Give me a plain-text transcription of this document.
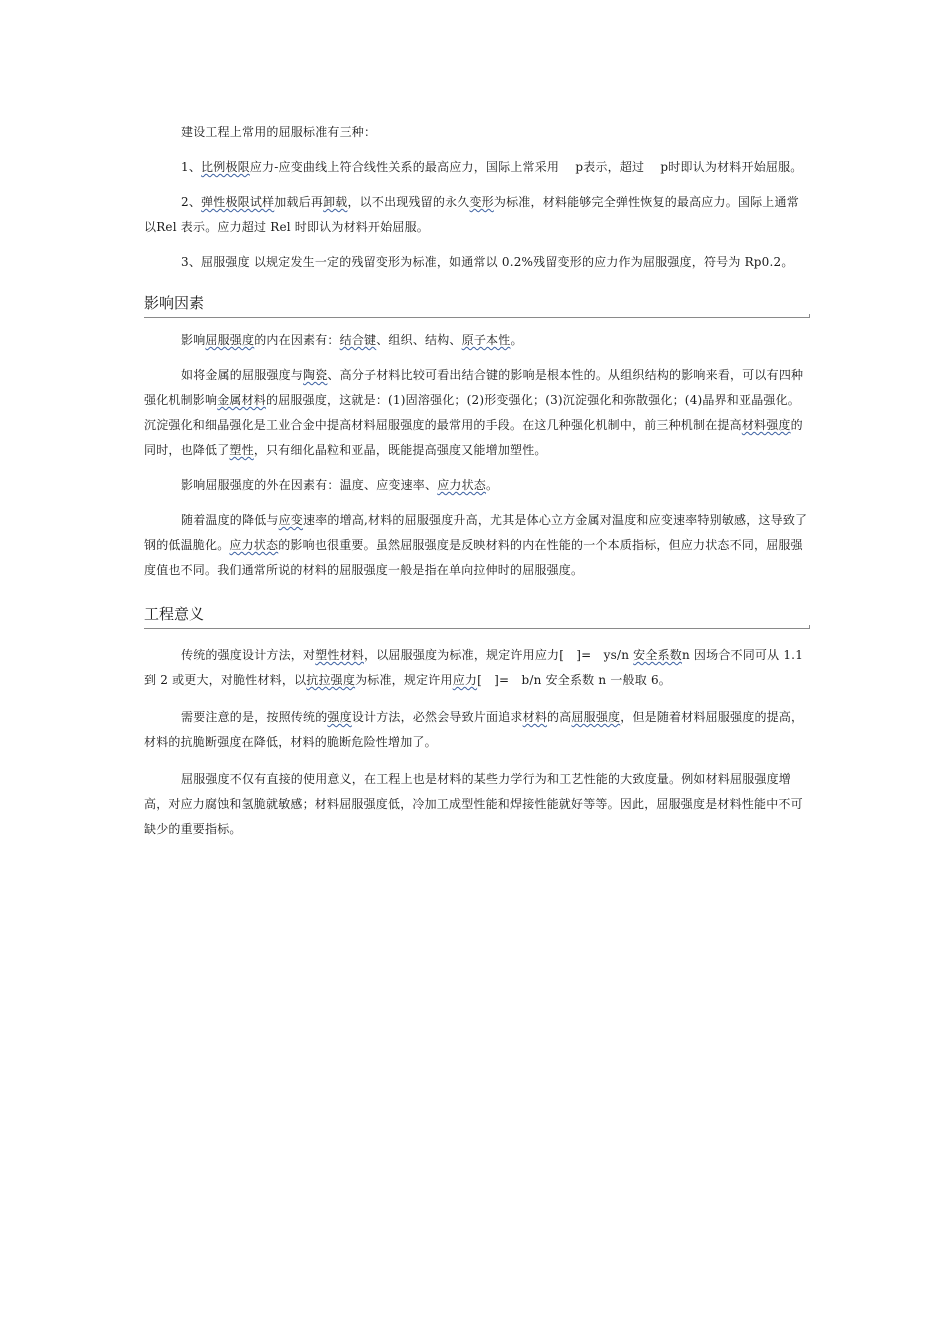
建设工程上常用的屈服标准有三种：

1、比例极限应力-应变曲线上符合线性关系的最高应力，国际上常采用　 p表示，超过　 p时即认为材料开始屈服。

2、弹性极限试样加载后再卸载，以不出现残留的永久变形为标准，材料能够完全弹性恢复的最高应力。国际上通常以Rel 表示。应力超过 Rel 时即认为材料开始屈服。

3、屈服强度 以规定发生一定的残留变形为标准，如通常以 0.2%残留变形的应力作为屈服强度，符号为 Rp0.2。

影响因素

影响屈服强度的内在因素有：结合键、组织、结构、原子本性。

如将金属的屈服强度与陶瓷、高分子材料比较可看出结合键的影响是根本性的。从组织结构的影响来看，可以有四种强化机制影响金属材料的屈服强度，这就是：(1)固溶强化；(2)形变强化；(3)沉淀强化和弥散强化；(4)晶界和亚晶强化。沉淀强化和细晶强化是工业合金中提高材料屈服强度的最常用的手段。在这几种强化机制中，前三种机制在提高材料强度的同时，也降低了塑性，只有细化晶粒和亚晶，既能提高强度又能增加塑性。

影响屈服强度的外在因素有：温度、应变速率、应力状态。

随着温度的降低与应变速率的增高,材料的屈服强度升高，尤其是体心立方金属对温度和应变速率特别敏感，这导致了钢的低温脆化。应力状态的影响也很重要。虽然屈服强度是反映材料的内在性能的一个本质指标，但应力状态不同，屈服强度值也不同。我们通常所说的材料的屈服强度一般是指在单向拉伸时的屈服强度。

工程意义

传统的强度设计方法，对塑性材料，以屈服强度为标准，规定许用应力[　]=　ys/n 安全系数n 因场合不同可从 1.1 到 2 或更大，对脆性材料，以抗拉强度为标准，规定许用应力[　]=　b/n 安全系数 n 一般取 6。

需要注意的是，按照传统的强度设计方法，必然会导致片面追求材料的高屈服强度，但是随着材料屈服强度的提高，材料的抗脆断强度在降低，材料的脆断危险性增加了。

屈服强度不仅有直接的使用意义，在工程上也是材料的某些力学行为和工艺性能的大致度量。例如材料屈服强度增高，对应力腐蚀和氢脆就敏感；材料屈服强度低，冷加工成型性能和焊接性能就好等等。因此，屈服强度是材料性能中不可缺少的重要指标。
